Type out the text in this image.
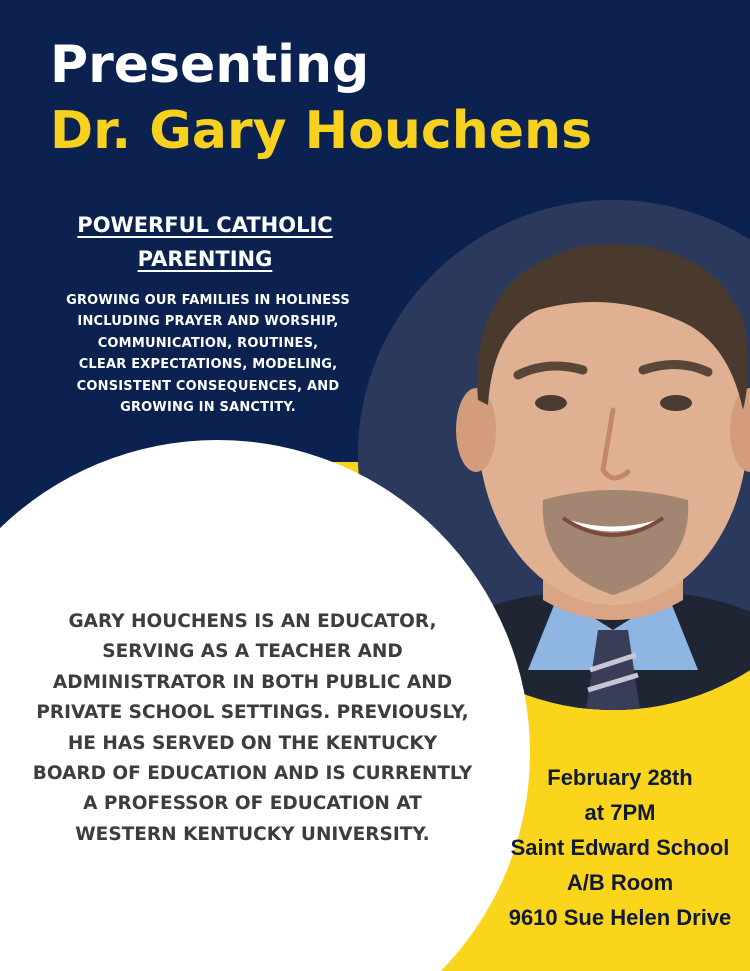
Presenting
Dr. Gary Houchens

POWERFUL CATHOLIC
PARENTING

GROWING OUR FAMILIES IN HOLINESS
INCLUDING PRAYER AND WORSHIP,
COMMUNICATION, ROUTINES,
CLEAR EXPECTATIONS, MODELING,
CONSISTENT CONSEQUENCES, AND
GROWING IN SANCTITY.

GARY HOUCHENS IS AN EDUCATOR,
SERVING AS A TEACHER AND
ADMINISTRATOR IN BOTH PUBLIC AND
PRIVATE SCHOOL SETTINGS. PREVIOUSLY,
HE HAS SERVED ON THE KENTUCKY
BOARD OF EDUCATION AND IS CURRENTLY
A PROFESSOR OF EDUCATION AT
WESTERN KENTUCKY UNIVERSITY.

February 28th
at 7PM
Saint Edward School
A/B Room
9610 Sue Helen Drive
